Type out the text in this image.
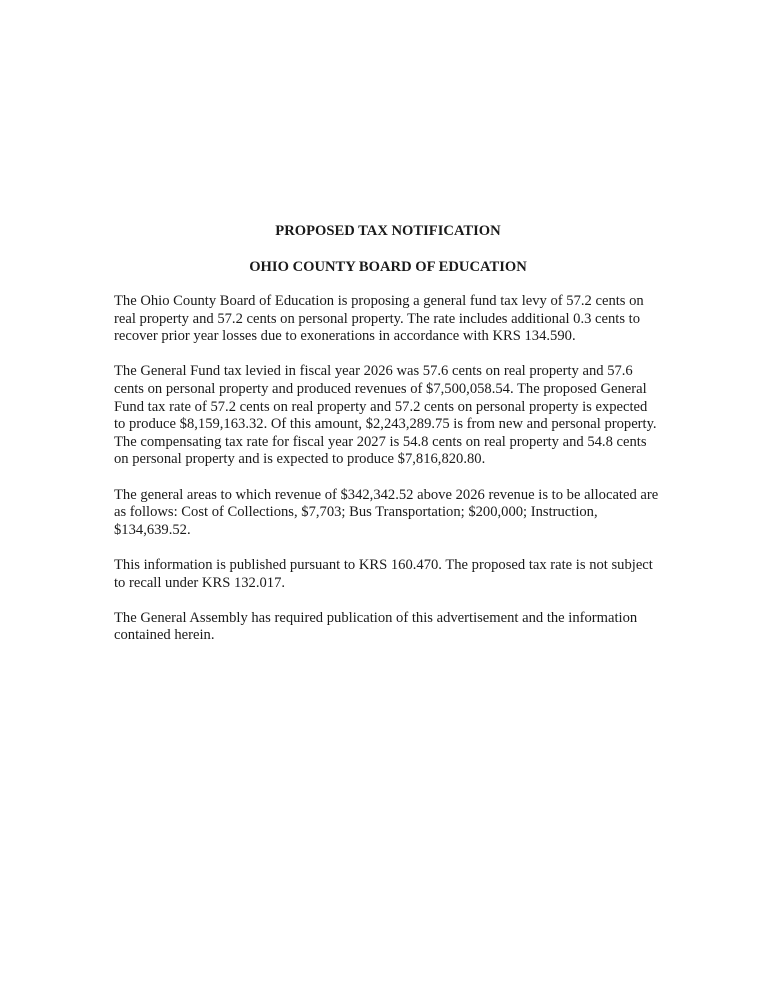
PROPOSED TAX NOTIFICATION
OHIO COUNTY BOARD OF EDUCATION

The Ohio County Board of Education is proposing a general fund tax levy of 57.2 cents on real property and 57.2 cents on personal property. The rate includes additional 0.3 cents to recover prior year losses due to exonerations in accordance with KRS 134.590.

The General Fund tax levied in fiscal year 2026 was 57.6 cents on real property and 57.6 cents on personal property and produced revenues of $7,500,058.54. The proposed General Fund tax rate of 57.2 cents on real property and 57.2 cents on personal property is expected to produce $8,159,163.32. Of this amount, $2,243,289.75 is from new and personal property. The compensating tax rate for fiscal year 2027 is 54.8 cents on real property and 54.8 cents on personal property and is expected to produce $7,816,820.80.

The general areas to which revenue of $342,342.52 above 2026 revenue is to be allocated are as follows: Cost of Collections, $7,703; Bus Transportation; $200,000; Instruction, $134,639.52.

This information is published pursuant to KRS 160.470. The proposed tax rate is not subject to recall under KRS 132.017.

The General Assembly has required publication of this advertisement and the information contained herein.
